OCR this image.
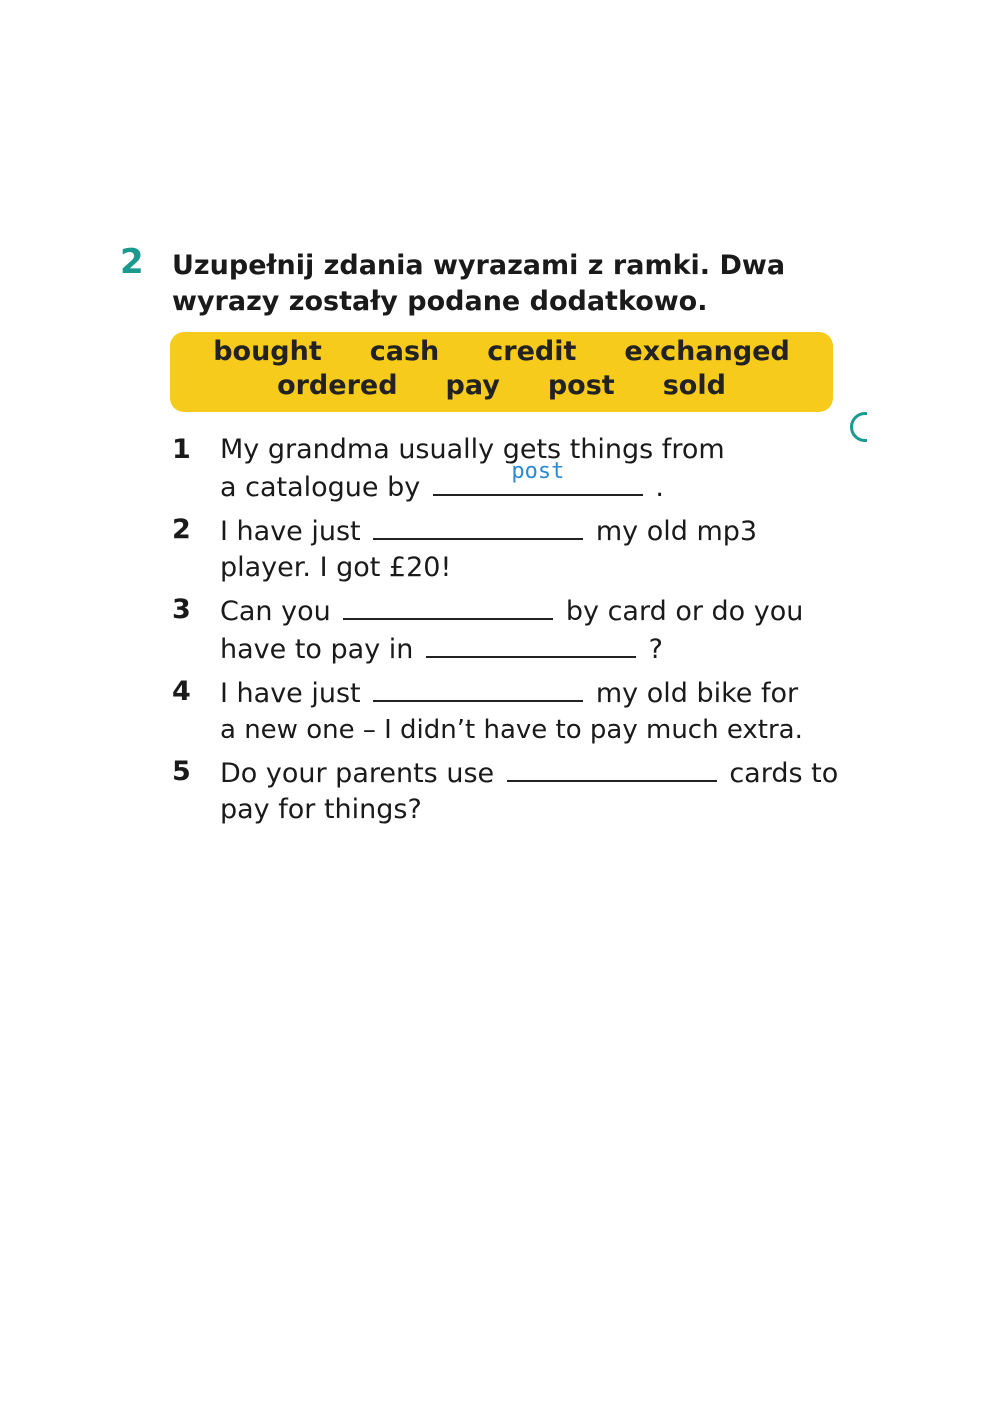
2 Uzupełnij zdania wyrazami z ramki. Dwa
wyrazy zostały podane dodatkowo.
bought cash credit exchanged
ordered pay post sold
1 My grandma usually gets things from
a catalogue by
post
.
2 I have just	my old mp3
player. I got £20!
3 Can you	by card or do you
have to pay in	?
4 I have just	my old bike for
a new one – I didn’t have to pay much extra.
5 Do your parents use	cards to
pay for things?
